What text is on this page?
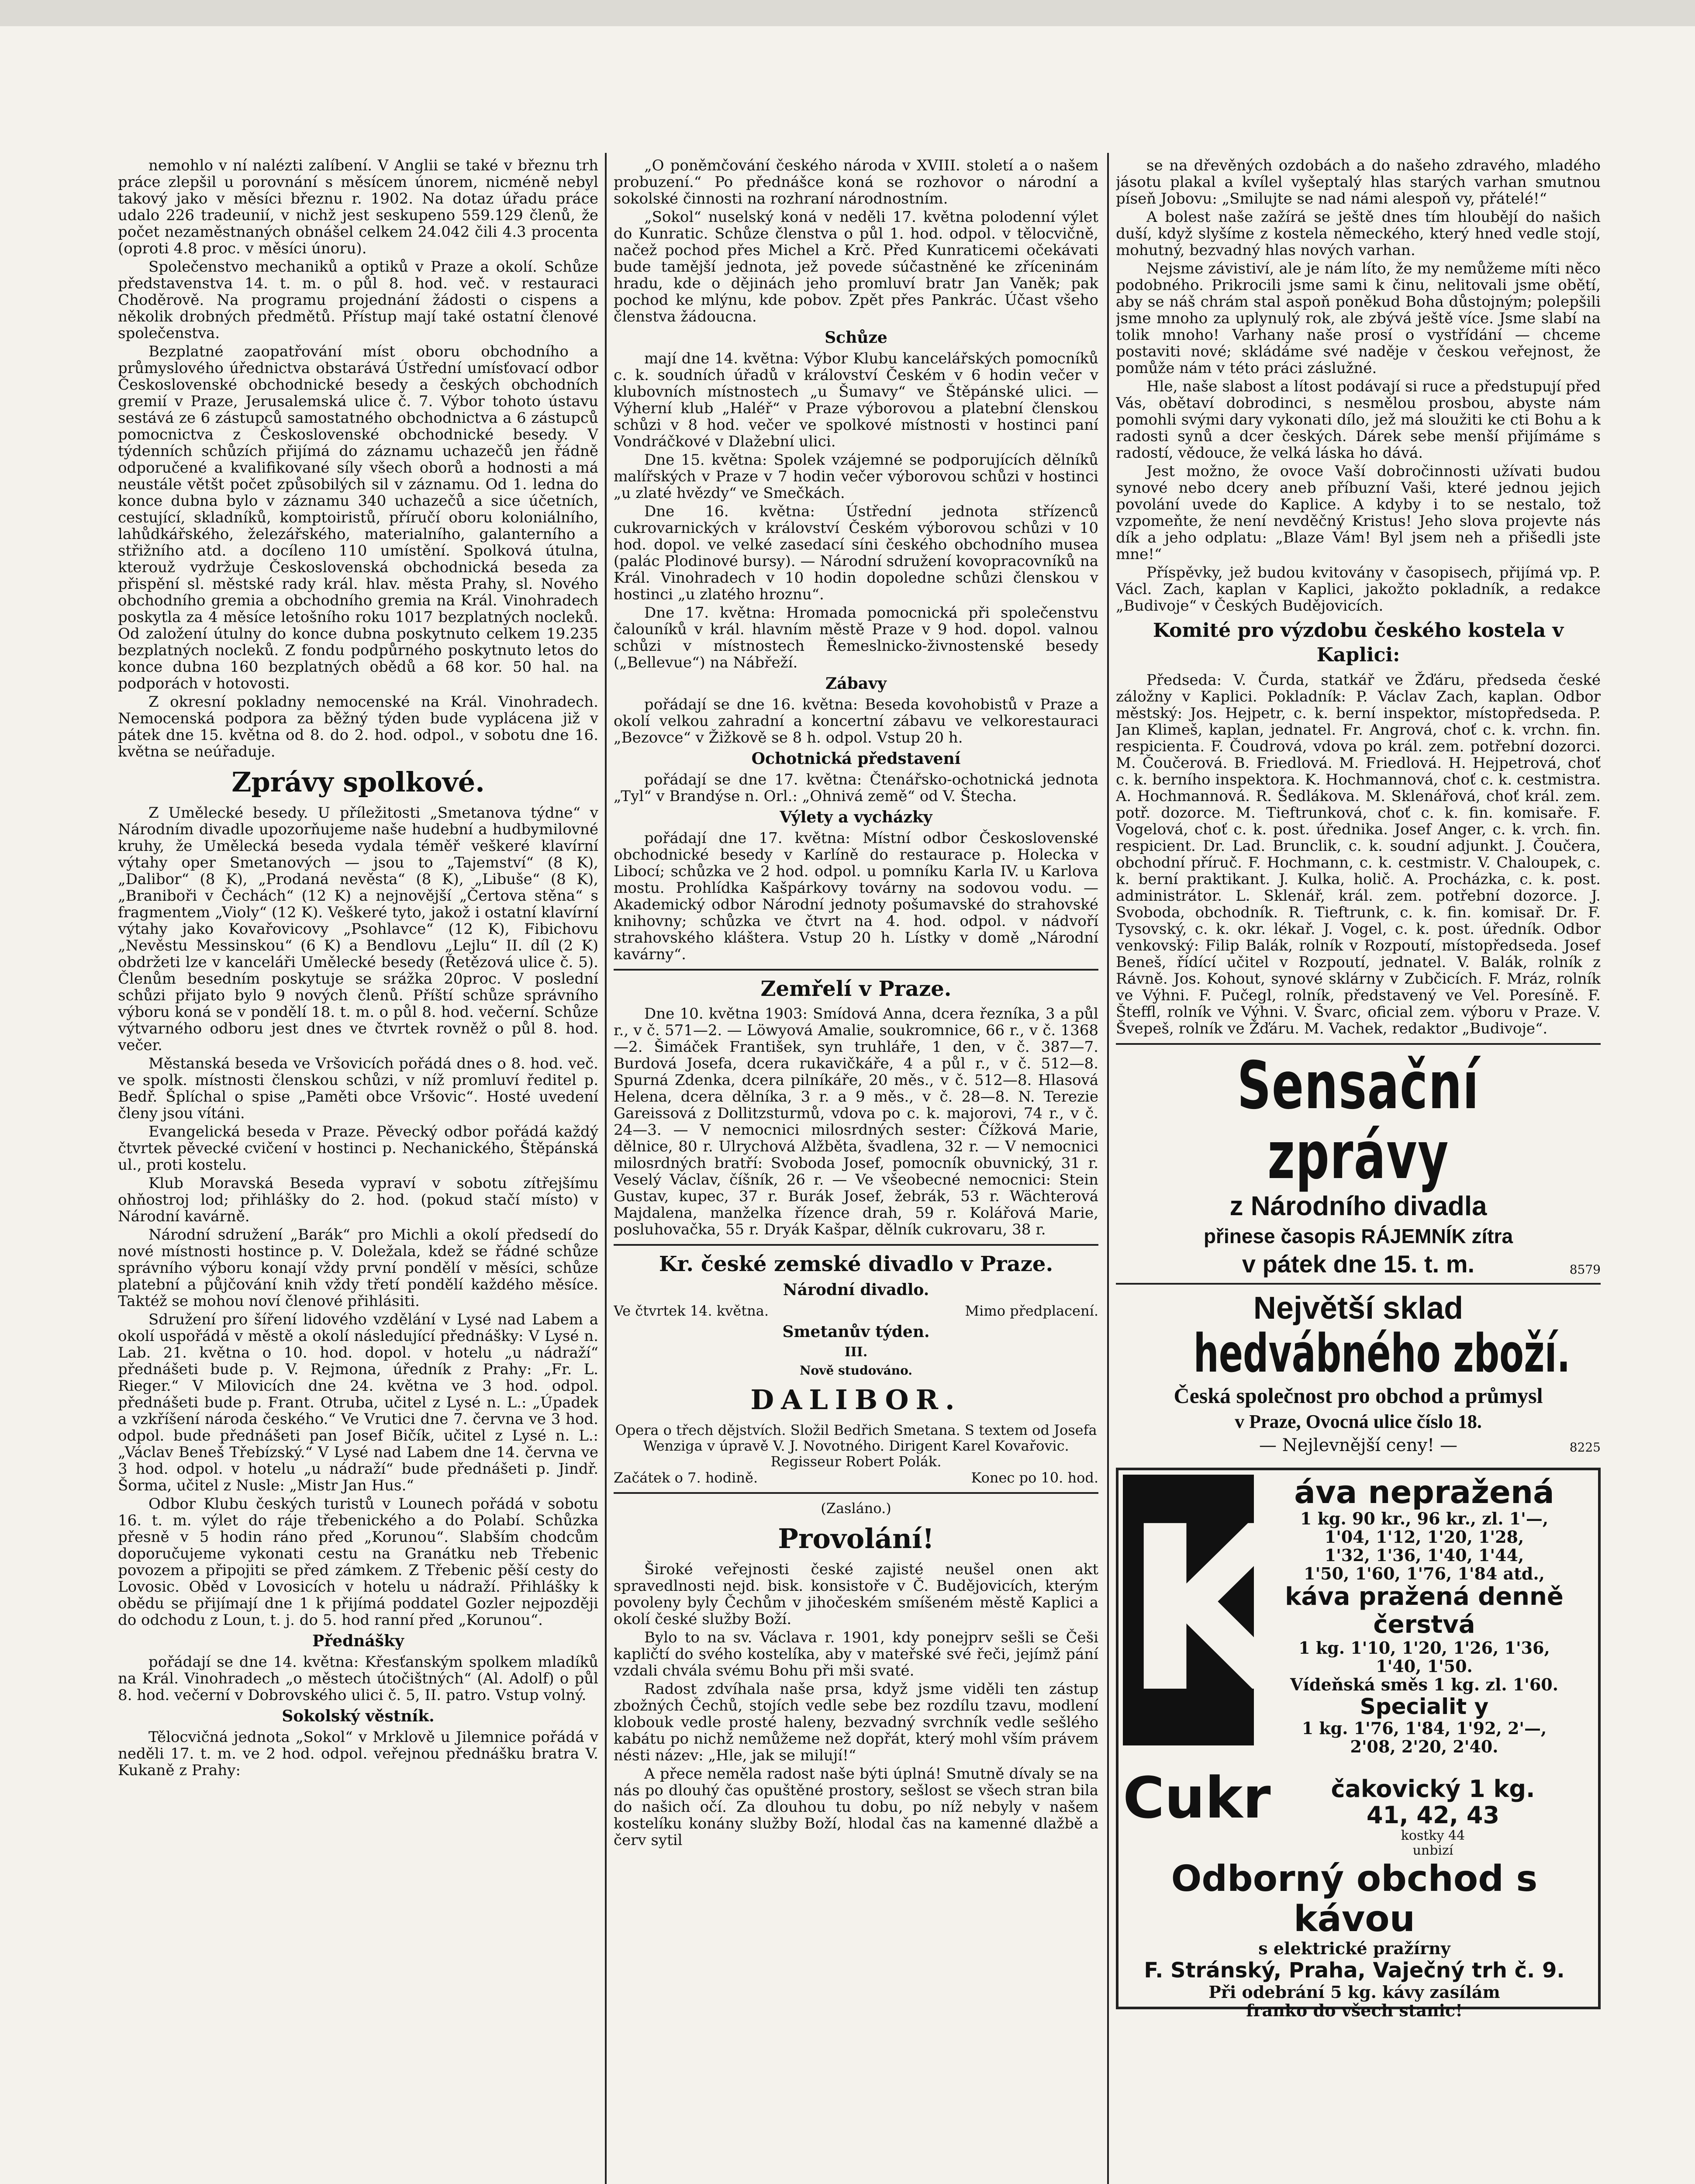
nemohlo v ní nalézti zalíbení. V Anglii se také v březnu trh práce zlepšil u porovnání s měsícem únorem, nicméně nebyl takový jako v měsíci březnu r. 1902. Na dotaz úřadu práce udalo 226 tradeunií, v nichž jest seskupeno 559.129 členů, že počet nezaměstnaných obnášel celkem 24.042 čili 4.3 procenta (oproti 4.8 proc. v měsíci únoru).

Společenstvo mechaniků a optiků v Praze a okolí. Schůze představenstva 14. t. m. o půl 8. hod. več. v restauraci Choděrově. Na programu projednání žádosti o cispens a několik drobných předmětů. Přístup mají také ostatní členové společenstva.

Bezplatné zaopatřování míst oboru obchodního a průmyslového úřednictva obstarává Ústřední umísťovací odbor Československé obchodnické besedy a českých obchodních gremií v Praze, Jerusalemská ulice č. 7. Výbor tohoto ústavu sestává ze 6 zástupců samostatného obchodnictva a 6 zástupců pomocnictva z Československé obchodnické besedy. V týdenních schůzích přijímá do záznamu uchazečů jen řádně odporučené a kvalifikované síly všech oborů a hodnosti a má neustále většt počet způsobilých sil v záznamu. Od 1. ledna do konce dubna bylo v záznamu 340 uchazečů a sice účetních, cestující, skladníků, komptoiristů, příručí oboru koloniálního, lahůdkářského, železářského, materialního, galanterního a střižního atd. a docíleno 110 umístění. Spolková útulna, kterouž vydržuje Československá obchodnická beseda za přispění sl. městské rady král. hlav. města Prahy, sl. Nového obchodního gremia a obchodního gremia na Král. Vinohradech poskytla za 4 měsíce letošního roku 1017 bezplatných nocleků. Od založení útulny do konce dubna poskytnuto celkem 19.235 bezplatných nocleků. Z fondu podpůrného poskytnuto letos do konce dubna 160 bezplatných obědů a 68 kor. 50 hal. na podporách v hotovosti.

Z okresní pokladny nemocenské na Král. Vinohradech. Nemocenská podpora za běžný týden bude vyplácena již v pátek dne 15. května od 8. do 2. hod. odpol., v sobotu dne 16. května se neúřaduje.

Zprávy spolkové.

Z Umělecké besedy. U příležitosti „Smetanova týdne“ v Národním divadle upozorňujeme naše hudební a hudbymilovné kruhy, že Umělecká beseda vydala téměř veškeré klavírní výtahy oper Smetanových — jsou to „Tajemství“ (8 K), „Dalibor“ (8 K), „Prodaná nevěsta“ (8 K), „Libuše“ (8 K), „Braniboři v Čechách“ (12 K) a nejnovější „Čertova stěna“ s fragmentem „Violy“ (12 K). Veškeré tyto, jakož i ostatní klavírní výtahy jako Kovařovicovy „Psohlavce“ (12 K), Fibichovu „Nevěstu Messinskou“ (6 K) a Bendlovu „Lejlu“ II. díl (2 K) obdržeti lze v kanceláři Umělecké besedy (Řetězová ulice č. 5). Členům besedním poskytuje se srážka 20proc. V poslední schůzi přijato bylo 9 nových členů. Příští schůze správního výboru koná se v pondělí 18. t. m. o půl 8. hod. večerní. Schůze výtvarného odboru jest dnes ve čtvrtek rovněž o půl 8. hod. večer.

Městanská beseda ve Vršovicích pořádá dnes o 8. hod. več. ve spolk. místnosti členskou schůzi, v níž promluví ředitel p. Bedř. Šplíchal o spise „Paměti obce Vršovic“. Hosté uvedení členy jsou vítáni.

Evangelická beseda v Praze. Pěvecký odbor pořádá každý čtvrtek pěvecké cvičení v hostinci p. Nechanického, Štěpánská ul., proti kostelu.

Klub Moravská Beseda vypraví v sobotu zítřejšímu ohňostroj lod; přihlášky do 2. hod. (pokud stačí místo) v Národní kavárně.

Národní sdružení „Barák“ pro Michli a okolí předsedí do nové místnosti hostince p. V. Doležala, kdež se řádné schůze správního výboru konají vždy první pondělí v měsíci, schůze platební a půjčování knih vždy třetí pondělí každého měsíce. Taktéž se mohou noví členové přihlásiti.

Sdružení pro šíření lidového vzdělání v Lysé nad Labem a okolí uspořádá v městě a okolí následující přednášky: V Lysé n. Lab. 21. května o 10. hod. dopol. v hotelu „u nádraží“ přednášeti bude p. V. Rejmona, úředník z Prahy: „Fr. L. Rieger.“ V Milovicích dne 24. května ve 3 hod. odpol. přednášeti bude p. Frant. Otruba, učitel z Lysé n. L.: „Úpadek a vzkříšení národa českého.“ Ve Vrutici dne 7. června ve 3 hod. odpol. bude přednášeti pan Josef Bičík, učitel z Lysé n. L.: „Václav Beneš Třebízský.“ V Lysé nad Labem dne 14. června ve 3 hod. odpol. v hotelu „u nádraží“ bude přednášeti p. Jindř. Šorma, učitel z Nusle: „Mistr Jan Hus.“

Odbor Klubu českých turistů v Lounech pořádá v sobotu 16. t. m. výlet do ráje třebenického a do Polabí. Schůzka přesně v 5 hodin ráno před „Korunou“. Slabším chodcům doporučujeme vykonati cestu na Granátku neb Třebenic povozem a připojiti se před zámkem. Z Třebenic pěší cesty do Lovosic. Oběd v Lovosicích v hotelu u nádraží. Přihlášky k obědu se přijímají dne 1 k přijímá poddatel Gozler nejpozději do odchodu z Loun, t. j. do 5. hod ranní před „Korunou“.

Přednášky

pořádají se dne 14. května: Křesťanským spolkem mladíků na Král. Vinohradech „o městech útočištných“ (Al. Adolf) o půl 8. hod. večerní v Dobrovského ulici č. 5, II. patro. Vstup volný.

Sokolský věstník.

Tělocvičná jednota „Sokol“ v Mrklově u Jilemnice pořádá v neděli 17. t. m. ve 2 hod. odpol. veřejnou přednášku bratra V. Kukaně z Prahy:

„O poněmčování českého národa v XVIII. století a o našem probuzení.“ Po přednášce koná se rozhovor o národní a sokolské činnosti na rozhraní národnostním.

„Sokol“ nuselský koná v neděli 17. května polodenní výlet do Kunratic. Schůze členstva o půl 1. hod. odpol. v tělocvičně, načež pochod přes Michel a Krč. Před Kunraticemi očekávati bude tamější jednota, jež povede súčastněné ke zříceninám hradu, kde o dějinách jeho promluví bratr Jan Vaněk; pak pochod ke mlýnu, kde pobov. Zpět přes Pankrác. Účast všeho členstva žádoucna.

Schůze

mají dne 14. května: Výbor Klubu kancelářských pomocníků c. k. soudních úřadů v království Českém v 6 hodin večer v klubovních místnostech „u Šumavy“ ve Štěpánské ulici. — Výherní klub „Haléř“ v Praze výborovou a platební členskou schůzi v 8 hod. večer ve spolkové místnosti v hostinci paní Vondráčkové v Dlažební ulici.

Dne 15. května: Spolek vzájemné se podporujících dělníků malířských v Praze v 7 hodin večer výborovou schůzi v hostinci „u zlaté hvězdy“ ve Smečkách.

Dne 16. května: Ústřední jednota střízenců cukrovarnických v království Českém výborovou schůzi v 10 hod. dopol. ve velké zasedací síni českého obchodního musea (palác Plodinové bursy). — Národní sdružení kovopracovníků na Král. Vinohradech v 10 hodin dopoledne schůzi členskou v hostinci „u zlatého hroznu“.

Dne 17. května: Hromada pomocnická při společenstvu čalouníků v král. hlavním městě Praze v 9 hod. dopol. valnou schůzi v místnostech Řemeslnicko-živnostenské besedy („Bellevue“) na Nábřeží.

Zábavy

pořádají se dne 16. května: Beseda kovohobistů v Praze a okolí velkou zahradní a koncertní zábavu ve velkorestauraci „Bezovce“ v Žižkově se 8 h. odpol. Vstup 20 h.

Ochotnická představení

pořádají se dne 17. května: Čtenářsko-ochotnická jednota „Tyl“ v Brandýse n. Orl.: „Ohnivá země“ od V. Štecha.

Výlety a vycházky

pořádají dne 17. května: Místní odbor Československé obchodnické besedy v Karlíně do restaurace p. Holecka v Libocí; schůzka ve 2 hod. odpol. u pomníku Karla IV. u Karlova mostu. Prohlídka Kašpárkovy továrny na sodovou vodu. — Akademický odbor Národní jednoty pošumavské do strahovské knihovny; schůzka ve čtvrt na 4. hod. odpol. v nádvoří strahovského kláštera. Vstup 20 h. Lístky v domě „Národní kavárny“.

Zemřelí v Praze.

Dne 10. května 1903: Smídová Anna, dcera řezníka, 3 a půl r., v č. 571—2. — Löwyová Amalie, soukromnice, 66 r., v č. 1368—2. Šimáček František, syn truhláře, 1 den, v č. 387—7. Burdová Josefa, dcera rukavičkáře, 4 a půl r., v č. 512—8. Spurná Zdenka, dcera pilníkáře, 20 měs., v č. 512—8. Hlasová Helena, dcera dělníka, 3 r. a 9 měs., v č. 28—8. N. Terezie Gareissová z Dollitzsturmů, vdova po c. k. majorovi, 74 r., v č. 24—3. — V nemocnici milosrdných sester: Čížková Marie, dělnice, 80 r. Ulrychová Alžběta, švadlena, 32 r. — V nemocnici milosrdných bratří: Svoboda Josef, pomocník obuvnický, 31 r. Veselý Václav, číšník, 26 r. — Ve všeobecné nemocnici: Stein Gustav, kupec, 37 r. Burák Josef, žebrák, 53 r. Wächterová Majdalena, manželka řízence drah, 59 r. Kolářová Marie, posluhovačka, 55 r. Dryák Kašpar, dělník cukrovaru, 38 r.

Kr. české zemské divadlo v Praze.
Národní divadlo.
Ve čtvrtek 14. května.	Mimo předplacení.
Smetanův týden.
III.
Nově studováno.
DALIBOR.
Opera o třech dějstvích. Složil Bedřich Smetana. S textem od Josefa Wenziga v úpravě V. J. Novotného. Dirigent Karel Kovařovic. Regisseur Robert Polák.
Začátek o 7. hodině.	Konec po 10. hod.
(Zasláno.)
Provolání!

Široké veřejnosti české zajisté neušel onen akt spravedlnosti nejd. bisk. konsistoře v Č. Budějovicích, kterým povoleny byly Čechům v jihočeském smíšeném městě Kaplici a okolí české služby Boží.

Bylo to na sv. Václava r. 1901, kdy ponejprv sešli se Češi kapličtí do svého kostelíka, aby v mateřské své řeči, jejímž pání vzdali chvála svému Bohu při mši svaté.

Radost zdvíhala naše prsa, když jsme viděli ten zástup zbožných Čechů, stojích vedle sebe bez rozdílu tzavu, modlení klobouk vedle prosté haleny, bezvadný svrchník vedle sešlého kabátu po nichž nemůžeme než dopřát, který mohl vším právem nésti název: „Hle, jak se milují!“

A přece neměla radost naše býti úplná! Smutně dívaly se na nás po dlouhý čas opuštěné prostory, sešlost se všech stran bila do našich očí. Za dlouhou tu dobu, po níž nebyly v našem kostelíku konány služby Boží, hlodal čas na kamenné dlažbě a červ sytil

se na dřevěných ozdobách a do našeho zdravého, mladého jásotu plakal a kvílel vyšeptalý hlas starých varhan smutnou píseň Jobovu: „Smilujte se nad námi alespoň vy, přátelé!“

A bolest naše zažírá se ještě dnes tím hloubějí do našich duší, když slyšíme z kostela německého, který hned vedle stojí, mohutný, bezvadný hlas nových varhan.

Nejsme závistiví, ale je nám líto, že my nemůžeme míti něco podobného. Prikrocili jsme sami k činu, nelitovali jsme obětí, aby se náš chrám stal aspoň poněkud Boha důstojným; polepšili jsme mnoho za uplynulý rok, ale zbývá ještě více. Jsme slabí na tolik mnoho! Varhany naše prosí o vystřídání — chceme postaviti nové; skládáme své naděje v českou veřejnost, že pomůže nám v této práci záslužné.

Hle, naše slabost a lítost podávají si ruce a předstupují před Vás, obětaví dobrodinci, s nesmělou prosbou, abyste nám pomohli svými dary vykonati dílo, jež má sloužiti ke cti Bohu a k radosti synů a dcer českých. Dárek sebe menší přijímáme s radostí, vědouce, že velká láska ho dává.

Jest možno, že ovoce Vaší dobročinnosti užívati budou synové nebo dcery aneb příbuzní Vaši, které jednou jejich povolání uvede do Kaplice. A kdyby i to se nestalo, tož vzpomeňte, že není nevděčný Kristus! Jeho slova projevte nás dík a jeho odplatu: „Blaze Vám! Byl jsem neh a přišedli jste mne!“

Příspěvky, jež budou kvitovány v časopisech, přijímá vp. P. Václ. Zach, kaplan v Kaplici, jakožto pokladník, a redakce „Budivoje“ v Českých Budějovicích.

Komité pro výzdobu českého kostela v Kaplici:

Předseda: V. Čurda, statkář ve Žďáru, předseda české záložny v Kaplici. Pokladník: P. Václav Zach, kaplan. Odbor městský: Jos. Hejpetr, c. k. berní inspektor, místopředseda. P. Jan Klimeš, kaplan, jednatel. Fr. Angrová, choť c. k. vrchn. fin. respicienta. F. Čoudrová, vdova po král. zem. potřební dozorci. M. Čoučerová. B. Friedlová. M. Friedlová. H. Hejpetrová, choť c. k. berního inspektora. K. Hochmannová, choť c. k. cestmistra. A. Hochmannová. R. Šedlákova. M. Sklenářová, choť král. zem. potř. dozorce. M. Tieftrunková, choť c. k. fin. komisaře. F. Vogelová, choť c. k. post. úřednika. Josef Anger, c. k. vrch. fin. respicient. Dr. Lad. Brunclik, c. k. soudní adjunkt. J. Čoučera, obchodní příruč. F. Hochmann, c. k. cestmistr. V. Chaloupek, c. k. berní praktikant. J. Kulka, holič. A. Procházka, c. k. post. administrátor. L. Sklenář, král. zem. potřební dozorce. J. Svoboda, obchodník. R. Tieftrunk, c. k. fin. komisař. Dr. F. Tysovský, c. k. okr. lékař. J. Vogel, c. k. post. úředník. Odbor venkovský: Filip Balák, rolník v Rozpoutí, místopředseda. Josef Beneš, řídící učitel v Rozpoutí, jednatel. V. Balák, rolník z Rávně. Jos. Kohout, synové sklárny v Zubčicích. F. Mráz, rolník ve Výhni. F. Pučegl, rolník, představený ve Vel. Poresíně. F. Šteffl, rolník ve Výhni. V. Švarc, oficial zem. výboru v Praze. V. Švepeš, rolník ve Žďáru. M. Vachek, redaktor „Budivoje“.

Sensační zprávy
z Národního divadla
přinese časopis RÁJEMNÍK zítra
v pátek dne 15. t. m.	8579
Největší sklad
hedvábného zboží.
Česká společnost pro obchod a průmysl
v Praze, Ovocná ulice číslo 18.
— Nejlevnější ceny! —	8225
K
áva nepražená
1 kg. 90 kr., 96 kr., zl. 1'—,
1'04, 1'12, 1'20, 1'28,
1'32, 1'36, 1'40, 1'44,
1'50, 1'60, 1'76, 1'84 atd.,
káva pražená denně čerstvá
1 kg. 1'10, 1'20, 1'26, 1'36,
1'40, 1'50.
Vídeňská směs 1 kg. zl. 1'60.
Specialit y
1 kg. 1'76, 1'84, 1'92, 2'—,
2'08, 2'20, 2'40.
Cukr	čakovický 1 kg.
41, 42, 43
kostky 44
unbizí
Odborný obchod s kávou
s elektrické pražírny
F. Stránský, Praha, Vaječný trh č. 9.
Při odebrání 5 kg. kávy zasílám
franko do všech stanic!
